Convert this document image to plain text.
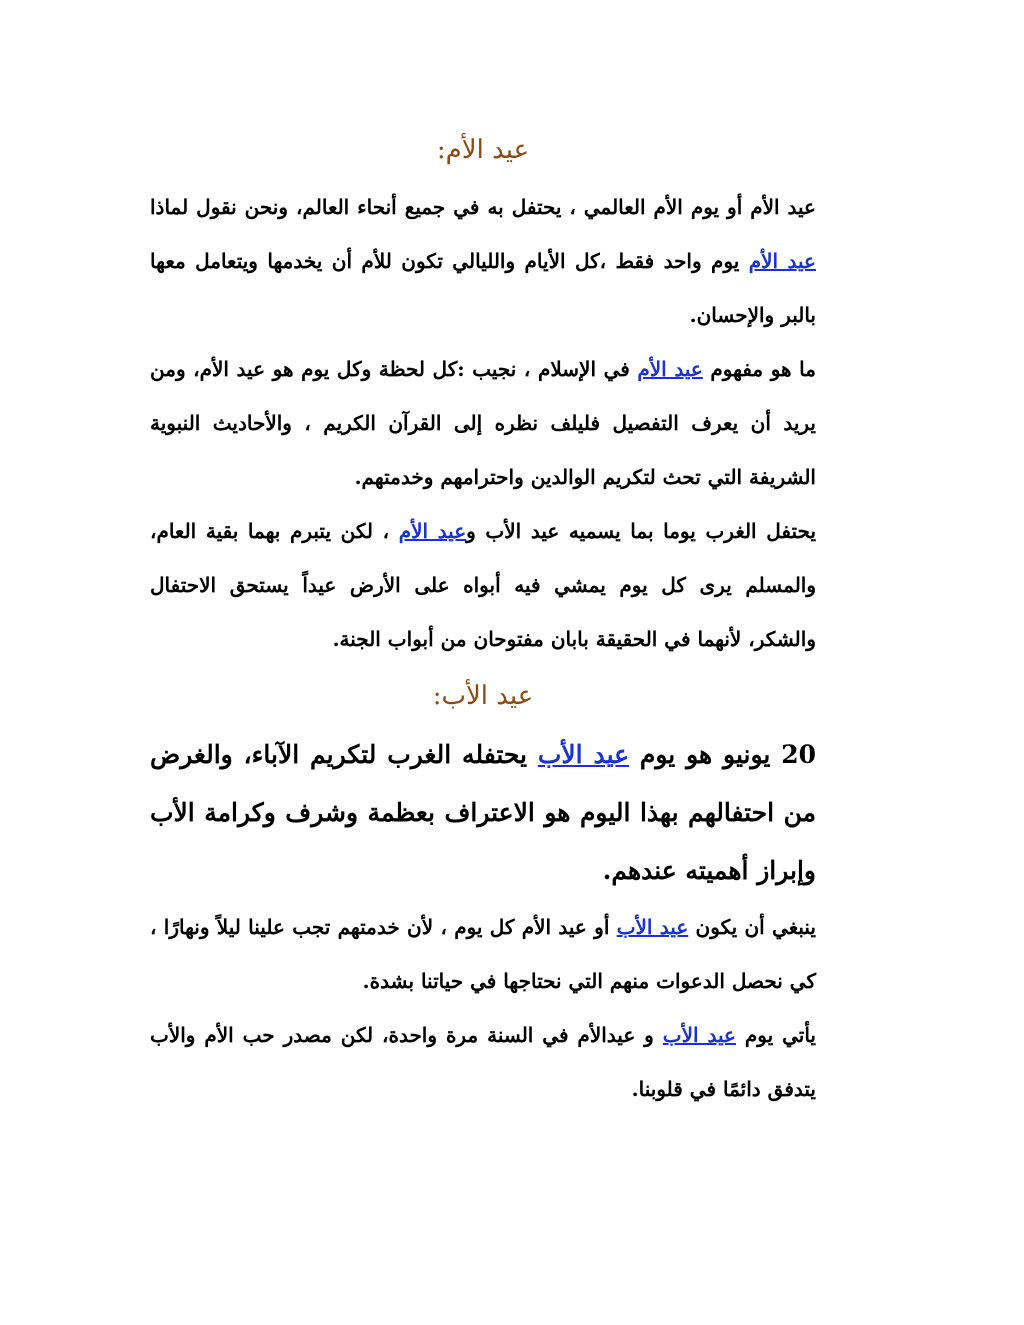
عيد الأم:

عيد الأم أو يوم الأم العالمي ، يحتفل به في جميع أنحاء العالم، ونحن نقول لماذا عيد الأم يوم واحد فقط ،كل الأيام والليالي تكون للأم أن يخدمها ويتعامل معها بالبر والإحسان.

ما هو مفهوم عيد الأم في الإسلام ، نجيب :كل لحظة وكل يوم هو عيد الأم، ومن يريد أن يعرف التفصيل فليلف نظره إلى القرآن الكريم ، والأحاديث النبوية الشريفة التي تحث لتكريم الوالدين واحترامهم وخدمتهم.

يحتفل الغرب يوما بما يسميه عيد الأب وعيد الأم ، لكن يتبرم بهما بقية العام، والمسلم يرى كل يوم يمشي فيه أبواه على الأرض عيداً يستحق الاحتفال والشكر، لأنهما في الحقيقة بابان مفتوحان من أبواب الجنة.

عيد الأب:

20 يونيو هو يوم عيد الأب يحتفله الغرب لتكريم الآباء، والغرض من احتفالهم بهذا اليوم هو الاعتراف بعظمة وشرف وكرامة الأب وإبراز أهميته عندهم.

ينبغي أن يكون عيد الأب أو عيد الأم كل يوم ، لأن خدمتهم تجب علينا ليلاً ونهارًا ، كي نحصل الدعوات منهم التي نحتاجها في حياتنا بشدة.

يأتي يوم عيد الأب و عيدالأم في السنة مرة واحدة، لكن مصدر حب الأم والأب يتدفق دائمًا في قلوبنا.
